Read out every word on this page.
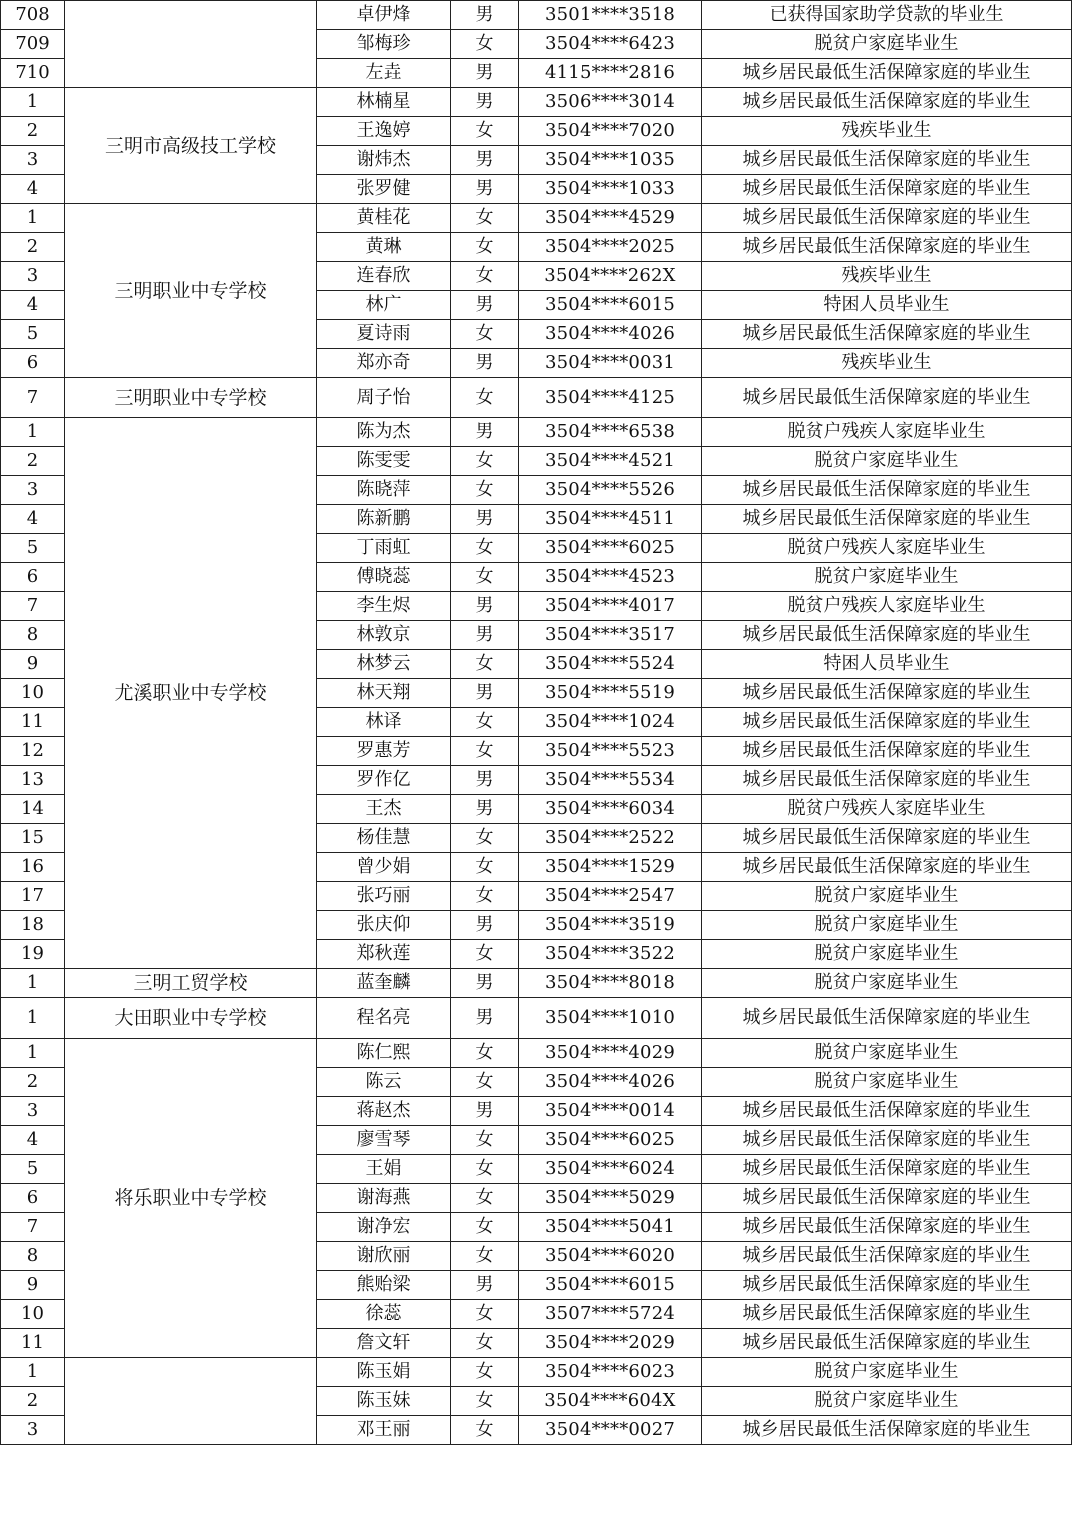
708		卓伊烽	男	3501****3518	已获得国家助学贷款的毕业生
709		邹梅珍	女	3504****6423	脱贫户家庭毕业生
710		左垚	男	4115****2816	城乡居民最低生活保障家庭的毕业生
1	三明市高级技工学校	林楠星	男	3506****3014	城乡居民最低生活保障家庭的毕业生
2		王逸婷	女	3504****7020	残疾毕业生
3		谢炜杰	男	3504****1035	城乡居民最低生活保障家庭的毕业生
4		张罗健	男	3504****1033	城乡居民最低生活保障家庭的毕业生
1	三明职业中专学校	黄桂花	女	3504****4529	城乡居民最低生活保障家庭的毕业生
2		黄琳	女	3504****2025	城乡居民最低生活保障家庭的毕业生
3		连春欣	女	3504****262X	残疾毕业生
4		林广	男	3504****6015	特困人员毕业生
5		夏诗雨	女	3504****4026	城乡居民最低生活保障家庭的毕业生
6		郑亦奇	男	3504****0031	残疾毕业生
7	三明职业中专学校	周子怡	女	3504****4125	城乡居民最低生活保障家庭的毕业生
1	尤溪职业中专学校	陈为杰	男	3504****6538	脱贫户残疾人家庭毕业生
2		陈雯雯	女	3504****4521	脱贫户家庭毕业生
3		陈晓萍	女	3504****5526	城乡居民最低生活保障家庭的毕业生
4		陈新鹏	男	3504****4511	城乡居民最低生活保障家庭的毕业生
5		丁雨虹	女	3504****6025	脱贫户残疾人家庭毕业生
6		傅晓蕊	女	3504****4523	脱贫户家庭毕业生
7		李生烬	男	3504****4017	脱贫户残疾人家庭毕业生
8		林敦京	男	3504****3517	城乡居民最低生活保障家庭的毕业生
9		林梦云	女	3504****5524	特困人员毕业生
10		林天翔	男	3504****5519	城乡居民最低生活保障家庭的毕业生
11		林译	女	3504****1024	城乡居民最低生活保障家庭的毕业生
12		罗惠芳	女	3504****5523	城乡居民最低生活保障家庭的毕业生
13		罗作亿	男	3504****5534	城乡居民最低生活保障家庭的毕业生
14		王杰	男	3504****6034	脱贫户残疾人家庭毕业生
15		杨佳慧	女	3504****2522	城乡居民最低生活保障家庭的毕业生
16		曾少娟	女	3504****1529	城乡居民最低生活保障家庭的毕业生
17		张巧丽	女	3504****2547	脱贫户家庭毕业生
18		张庆仰	男	3504****3519	脱贫户家庭毕业生
19		郑秋莲	女	3504****3522	脱贫户家庭毕业生
1	三明工贸学校	蓝奎麟	男	3504****8018	脱贫户家庭毕业生
1	大田职业中专学校	程名亮	男	3504****1010	城乡居民最低生活保障家庭的毕业生
1	将乐职业中专学校	陈仁熙	女	3504****4029	脱贫户家庭毕业生
2		陈云	女	3504****4026	脱贫户家庭毕业生
3		蒋赵杰	男	3504****0014	城乡居民最低生活保障家庭的毕业生
4		廖雪琴	女	3504****6025	城乡居民最低生活保障家庭的毕业生
5		王娟	女	3504****6024	城乡居民最低生活保障家庭的毕业生
6		谢海燕	女	3504****5029	城乡居民最低生活保障家庭的毕业生
7		谢净宏	女	3504****5041	城乡居民最低生活保障家庭的毕业生
8		谢欣丽	女	3504****6020	城乡居民最低生活保障家庭的毕业生
9		熊贻梁	男	3504****6015	城乡居民最低生活保障家庭的毕业生
10		徐蕊	女	3507****5724	城乡居民最低生活保障家庭的毕业生
11		詹文轩	女	3504****2029	城乡居民最低生活保障家庭的毕业生
1		陈玉娟	女	3504****6023	脱贫户家庭毕业生
2		陈玉妹	女	3504****604X	脱贫户家庭毕业生
3		邓王丽	女	3504****0027	城乡居民最低生活保障家庭的毕业生
